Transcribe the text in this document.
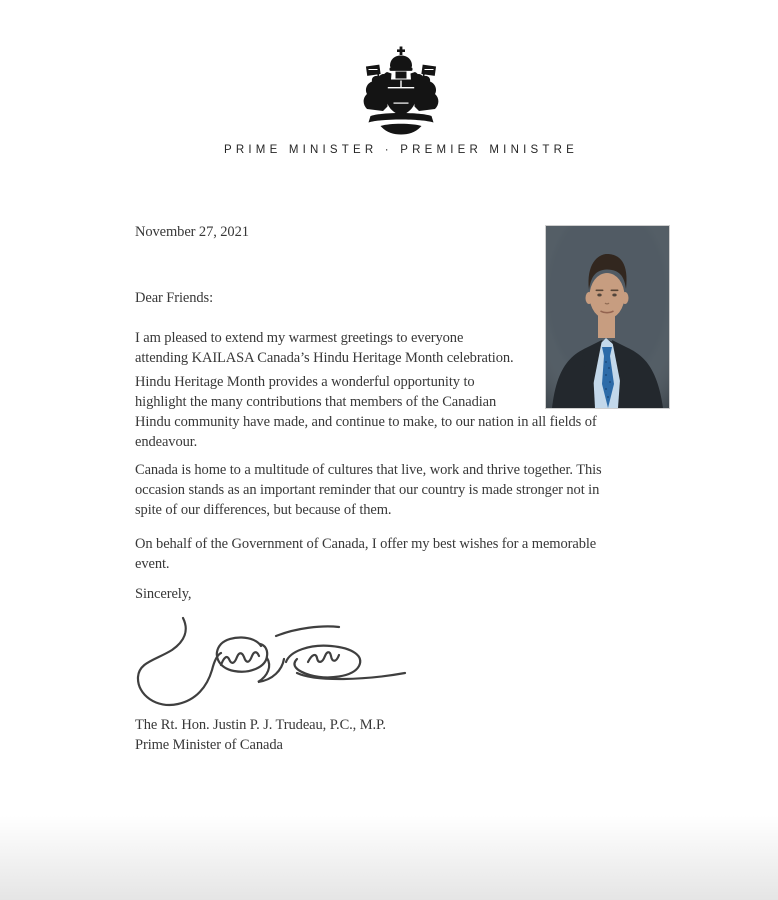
PRIME MINISTER · PREMIER MINISTRE
November 27, 2021
Dear Friends:
I am pleased to extend my warmest greetings to everyone
attending KAILASA Canada’s Hindu Heritage Month celebration.
Hindu Heritage Month provides a wonderful opportunity to
highlight the many contributions that members of the Canadian
Hindu community have made, and continue to make, to our nation in all fields of
endeavour.
Canada is home to a multitude of cultures that live, work and thrive together. This
occasion stands as an important reminder that our country is made stronger not in
spite of our differences, but because of them.
On behalf of the Government of Canada, I offer my best wishes for a memorable
event.
Sincerely,
The Rt. Hon. Justin P. J. Trudeau, P.C., M.P.
Prime Minister of Canada
